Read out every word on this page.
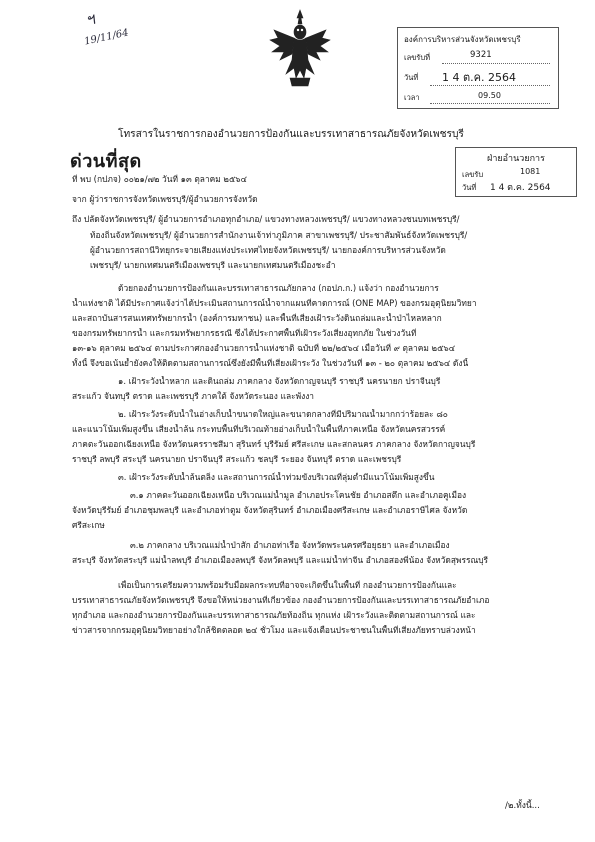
ฯ
19/11/64	องค์การบริหารส่วนจังหวัดเพชรบุรี
เลขรับที่	9321
วันที่ 1 4 ต.ค. 2564
เวลา	09.50
โทรสารในราชการกองอำนวยการป้องกันและบรรเทาสาธารณภัยจังหวัดเพชรบุรี
ด่วนที่สุด	ฝ่ายอำนวยการ
เลขรับ	1081
วันที่ 1 4 ต.ค. 2564
ที่ พบ (กปภจ) ๐๐๒๑/๗๒ วันที่ ๑๓ ตุลาคม ๒๕๖๔
จาก ผู้ว่าราชการจังหวัดเพชรบุรี/ผู้อำนวยการจังหวัด
ถึง ปลัดจังหวัดเพชรบุรี/ ผู้อำนวยการอำเภอทุกอำเภอ/ แขวงทางหลวงเพชรบุรี/ แขวงทางหลวงชนบทเพชรบุรี/
ท้องถิ่นจังหวัดเพชรบุรี/ ผู้อำนวยการสำนักงานเจ้าท่าภูมิภาค สาขาเพชรบุรี/ ประชาสัมพันธ์จังหวัดเพชรบุรี/
ผู้อำนวยการสถานีวิทยุกระจายเสียงแห่งประเทศไทยจังหวัดเพชรบุรี/ นายกองค์การบริหารส่วนจังหวัด
เพชรบุรี/ นายกเทศมนตรีเมืองเพชรบุรี และนายกเทศมนตรีเมืองชะอำ
ด้วยกองอำนวยการป้องกันและบรรเทาสาธารณภัยกลาง (กอปภ.ก.) แจ้งว่า กองอำนวยการ
น้ำแห่งชาติ ได้มีประกาศแจ้งว่าได้ประเมินสถานการณ์น้ำจากแผนที่คาดการณ์ (ONE MAP) ของกรมอุตุนิยมวิทยา
และสถาบันสารสนเทศทรัพยากรน้ำ (องค์การมหาชน) และพื้นที่เสี่ยงเฝ้าระวังดินถล่มและน้ำป่าไหลหลาก
ของกรมทรัพยากรน้ำ และกรมทรัพยากรธรณี ซึ่งได้ประกาศพื้นที่เฝ้าระวังเสี่ยงอุทกภัย ในช่วงวันที่
๑๓-๑๖ ตุลาคม ๒๕๖๔ ตามประกาศกองอำนวยการน้ำแห่งชาติ ฉบับที่ ๒๒/๒๕๖๔ เมื่อวันที่ ๙ ตุลาคม ๒๕๖๔
ทั้งนี้ จึงขอเน้นย้ำยังคงให้ติดตามสถานการณ์ซึ่งยังมีพื้นที่เสี่ยงเฝ้าระวัง ในช่วงวันที่ ๑๓ - ๒๐ ตุลาคม ๒๕๖๔ ดังนี้
๑. เฝ้าระวังน้ำหลาก และดินถล่ม ภาคกลาง จังหวัดกาญจนบุรี ราชบุรี นครนายก ปราจีนบุรี
สระแก้ว จันทบุรี ตราด และเพชรบุรี ภาคใต้ จังหวัดระนอง และพังงา
๒. เฝ้าระวังระดับน้ำในอ่างเก็บน้ำขนาดใหญ่และขนาดกลางที่มีปริมาณน้ำมากกว่าร้อยละ ๘๐
และแนวโน้มเพิ่มสูงขึ้น เสี่ยงน้ำล้น กระทบพื้นที่บริเวณท้ายอ่างเก็บน้ำในพื้นที่ภาคเหนือ จังหวัดนครสวรรค์
ภาคตะวันออกเฉียงเหนือ จังหวัดนครราชสีมา สุรินทร์ บุรีรัมย์ ศรีสะเกษ และสกลนคร ภาคกลาง จังหวัดกาญจนบุรี
ราชบุรี ลพบุรี สระบุรี นครนายก ปราจีนบุรี สระแก้ว ชลบุรี ระยอง จันทบุรี ตราด และเพชรบุรี
๓. เฝ้าระวังระดับน้ำล้นตลิ่ง และสถานการณ์น้ำท่วมขังบริเวณที่ลุ่มต่ำมีแนวโน้มเพิ่มสูงขึ้น
๓.๑ ภาคตะวันออกเฉียงเหนือ บริเวณแม่น้ำมูล อำเภอประโคนชัย อำเภอสตึก และอำเภอคูเมือง
จังหวัดบุรีรัมย์ อำเภอชุมพลบุรี และอำเภอท่าตูม จังหวัดสุรินทร์ อำเภอเมืองศรีสะเกษ และอำเภอราษีไศล จังหวัด
ศรีสะเกษ
๓.๒ ภาคกลาง บริเวณแม่น้ำป่าสัก อำเภอท่าเรือ จังหวัดพระนครศรีอยุธยา และอำเภอเมือง
สระบุรี จังหวัดสระบุรี แม่น้ำลพบุรี อำเภอเมืองลพบุรี จังหวัดลพบุรี และแม่น้ำท่าจีน อำเภอสองพี่น้อง จังหวัดสุพรรณบุรี
เพื่อเป็นการเตรียมความพร้อมรับมือผลกระทบที่อาจจะเกิดขึ้นในพื้นที่ กองอำนวยการป้องกันและ
บรรเทาสาธารณภัยจังหวัดเพชรบุรี จึงขอให้หน่วยงานที่เกี่ยวข้อง กองอำนวยการป้องกันและบรรเทาสาธารณภัยอำเภอ
ทุกอำเภอ และกองอำนวยการป้องกันและบรรเทาสาธารณภัยท้องถิ่น ทุกแห่ง เฝ้าระวังและติดตามสถานการณ์ และ
ข่าวสารจากกรมอุตุนิยมวิทยาอย่างใกล้ชิดตลอด ๒๔ ชั่วโมง และแจ้งเตือนประชาชนในพื้นที่เสี่ยงภัยทราบล่วงหน้า
/๒.ทั้งนี้...
